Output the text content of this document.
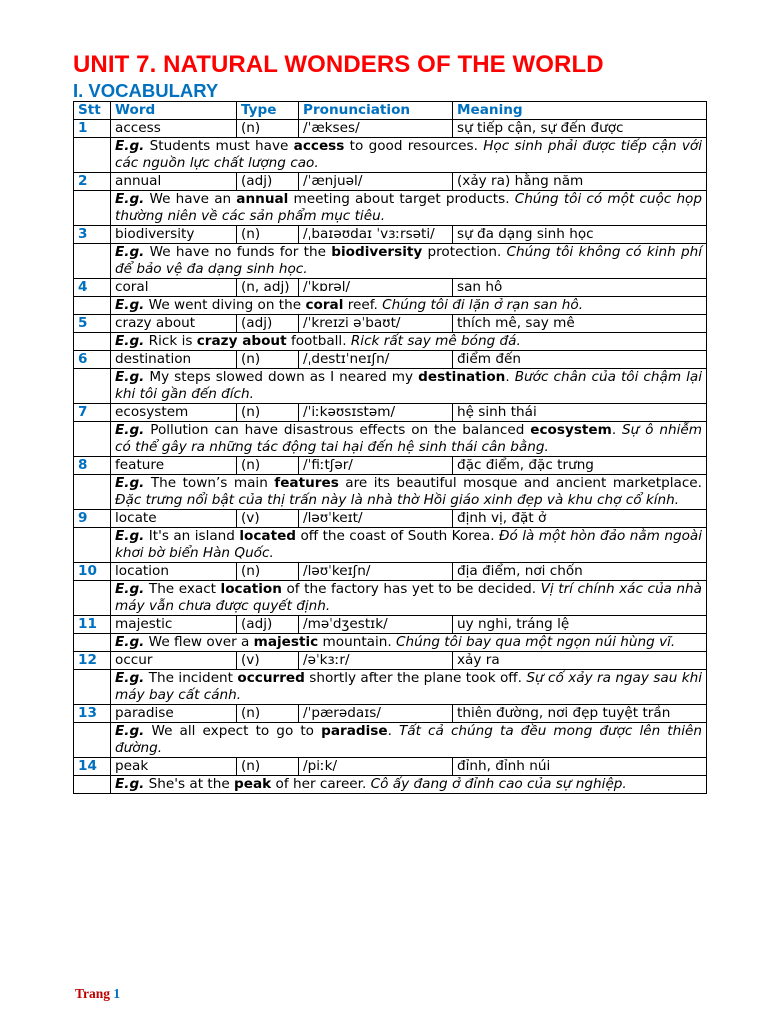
UNIT 7. NATURAL WONDERS OF THE WORLD
I. VOCABULARY
Stt	Word	Type	Pronunciation	Meaning
1	access	(n)	/ˈækses/	sự tiếp cận, sự đến được
	E.g. Students must have access to good resources. Học sinh phải được tiếp cận với các nguồn lực chất lượng cao.			
2	annual	(adj)	/ˈænjuəl/	(xảy ra) hằng năm
	E.g. We have an annual meeting about target products. Chúng tôi có một cuộc họp thường niên về các sản phẩm mục tiêu.			
3	biodiversity	(n)	/ˌbaɪəʊdaɪ ˈvɜːrsəti/	sự đa dạng sinh học
	E.g. We have no funds for the biodiversity protection. Chúng tôi không có kinh phí để bảo vệ đa dạng sinh học.			
4	coral	(n, adj)	/ˈkɒrəl/	san hô
	E.g. We went diving on the coral reef. Chúng tôi đi lặn ở rạn san hô.			
5	crazy about	(adj)	/ˈkreɪzi əˈbaʊt/	thích mê, say mê
	E.g. Rick is crazy about football. Rick rất say mê bóng đá.			
6	destination	(n)	/ˌdestɪˈneɪʃn/	điểm đến
	E.g. My steps slowed down as I neared my destination. Bước chân của tôi chậm lại khi tôi gần đến đích.			
7	ecosystem	(n)	/ˈiːkəʊsɪstəm/	hệ sinh thái
	E.g. Pollution can have disastrous effects on the balanced ecosystem. Sự ô nhiễm có thể gây ra những tác động tai hại đến hệ sinh thái cân bằng.			
8	feature	(n)	/ˈfiːtʃər/	đặc điểm, đặc trưng
	E.g. The town’s main features are its beautiful mosque and ancient marketplace. Đặc trưng nổi bật của thị trấn này là nhà thờ Hồi giáo xinh đẹp và khu chợ cổ kính.			
9	locate	(v)	/ləʊˈkeɪt/	định vị, đặt ở
	E.g. It's an island located off the coast of South Korea. Đó là một hòn đảo nằm ngoài khơi bờ biển Hàn Quốc.			
10	location	(n)	/ləʊˈkeɪʃn/	địa điểm, nơi chốn
	E.g. The exact location of the factory has yet to be decided. Vị trí chính xác của nhà máy vẫn chưa được quyết định.			
11	majestic	(adj)	/məˈdʒestɪk/	uy nghi, tráng lệ
	E.g. We flew over a majestic mountain. Chúng tôi bay qua một ngọn núi hùng vĩ.			
12	occur	(v)	/əˈkɜːr/	xảy ra
	E.g. The incident occurred shortly after the plane took off. Sự cố xảy ra ngay sau khi máy bay cất cánh.			
13	paradise	(n)	/ˈpærədaɪs/	thiên đường, nơi đẹp tuyệt trần
	E.g. We all expect to go to paradise. Tất cả chúng ta đều mong được lên thiên đường.			
14	peak	(n)	/piːk/	đỉnh, đỉnh núi
	E.g. She's at the peak of her career. Cô ấy đang ở đỉnh cao của sự nghiệp.			
Trang 1
